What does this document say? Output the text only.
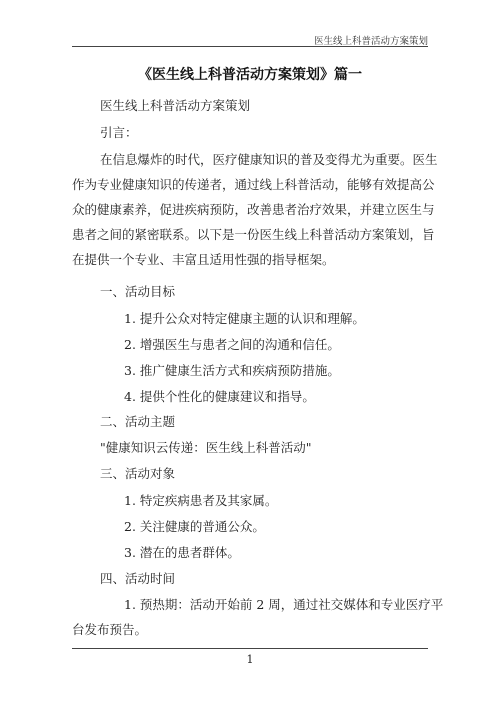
医生线上科普活动方案策划
《医生线上科普活动方案策划》篇一
医生线上科普活动方案策划
引言：
在信息爆炸的时代，医疗健康知识的普及变得尤为重要。医生
作为专业健康知识的传递者，通过线上科普活动，能够有效提高公
众的健康素养，促进疾病预防，改善患者治疗效果，并建立医生与
患者之间的紧密联系。以下是一份医生线上科普活动方案策划，旨
在提供一个专业、丰富且适用性强的指导框架。
一、活动目标
1. 提升公众对特定健康主题的认识和理解。
2. 增强医生与患者之间的沟通和信任。
3. 推广健康生活方式和疾病预防措施。
4. 提供个性化的健康建议和指导。
二、活动主题
"健康知识云传递：医生线上科普活动"
三、活动对象
1. 特定疾病患者及其家属。
2. 关注健康的普通公众。
3. 潜在的患者群体。
四、活动时间
1. 预热期：活动开始前 2 周，通过社交媒体和专业医疗平
台发布预告。
1
